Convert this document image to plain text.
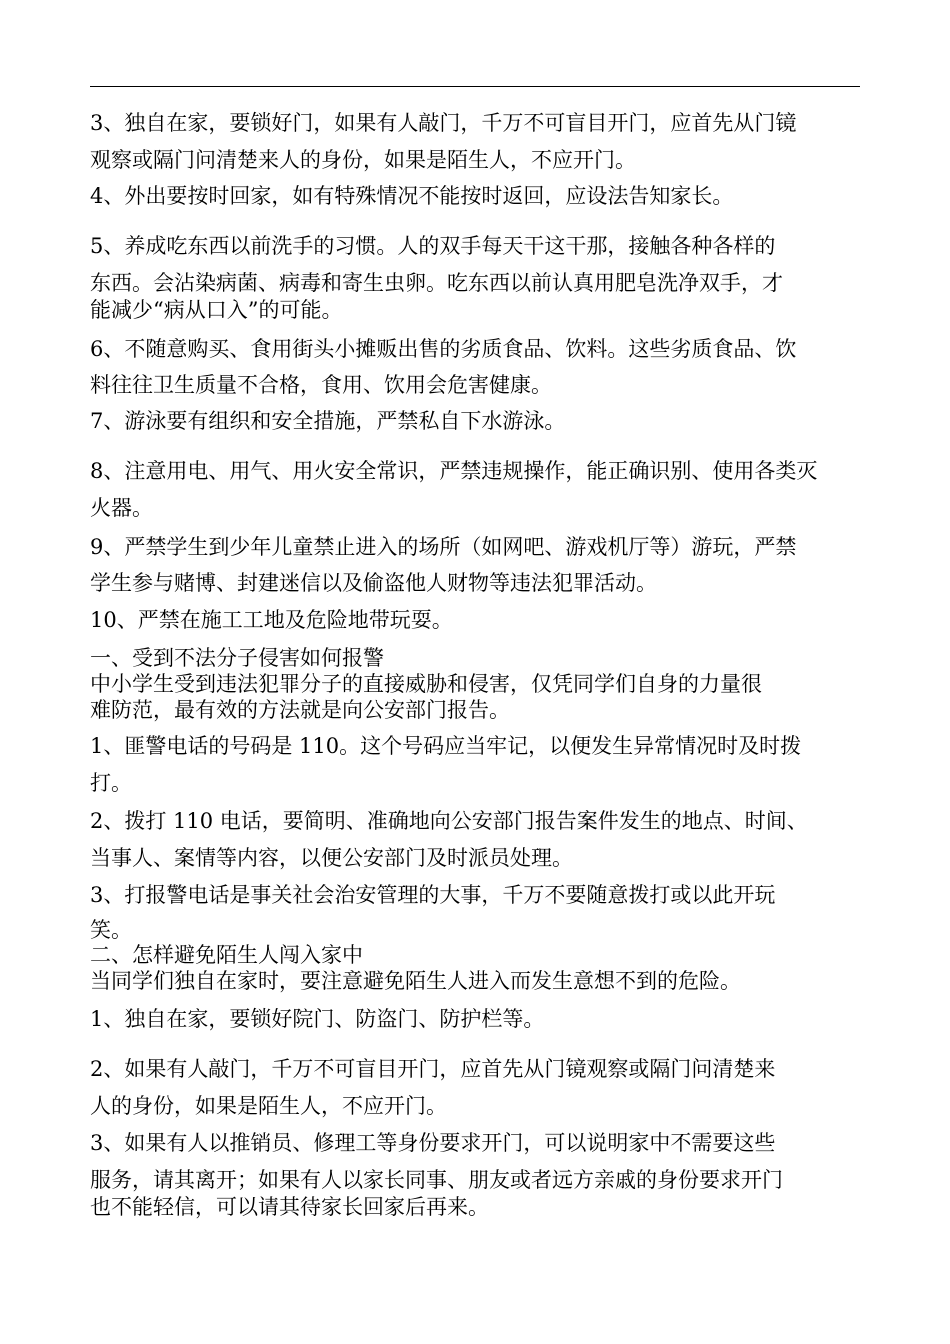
3、独自在家，要锁好门，如果有人敲门，千万不可盲目开门，应首先从门镜
观察或隔门问清楚来人的身份，如果是陌生人，不应开门。
4、外出要按时回家，如有特殊情况不能按时返回，应设法告知家长。
5、养成吃东西以前洗手的习惯。人的双手每天干这干那，接触各种各样的
东西。会沾染病菌、病毒和寄生虫卵。吃东西以前认真用肥皂洗净双手，才
能减少“病从口入”的可能。
6、不随意购买、食用街头小摊贩出售的劣质食品、饮料。这些劣质食品、饮
料往往卫生质量不合格，食用、饮用会危害健康。
7、游泳要有组织和安全措施，严禁私自下水游泳。
8、注意用电、用气、用火安全常识，严禁违规操作，能正确识别、使用各类灭
火器。
9、严禁学生到少年儿童禁止进入的场所（如网吧、游戏机厅等）游玩，严禁
学生参与赌博、封建迷信以及偷盗他人财物等违法犯罪活动。
10、严禁在施工工地及危险地带玩耍。
一、受到不法分子侵害如何报警
中小学生受到违法犯罪分子的直接威胁和侵害，仅凭同学们自身的力量很
难防范，最有效的方法就是向公安部门报告。
1、匪警电话的号码是 110。这个号码应当牢记，以便发生异常情况时及时拨
打。
2、拨打 110 电话，要简明、准确地向公安部门报告案件发生的地点、时间、
当事人、案情等内容，以便公安部门及时派员处理。
3、打报警电话是事关社会治安管理的大事，千万不要随意拨打或以此开玩
笑。
二、怎样避免陌生人闯入家中
当同学们独自在家时，要注意避免陌生人进入而发生意想不到的危险。
1、独自在家，要锁好院门、防盗门、防护栏等。
2、如果有人敲门，千万不可盲目开门，应首先从门镜观察或隔门问清楚来
人的身份，如果是陌生人，不应开门。
3、如果有人以推销员、修理工等身份要求开门，可以说明家中不需要这些
服务，请其离开；如果有人以家长同事、朋友或者远方亲戚的身份要求开门
也不能轻信，可以请其待家长回家后再来。
